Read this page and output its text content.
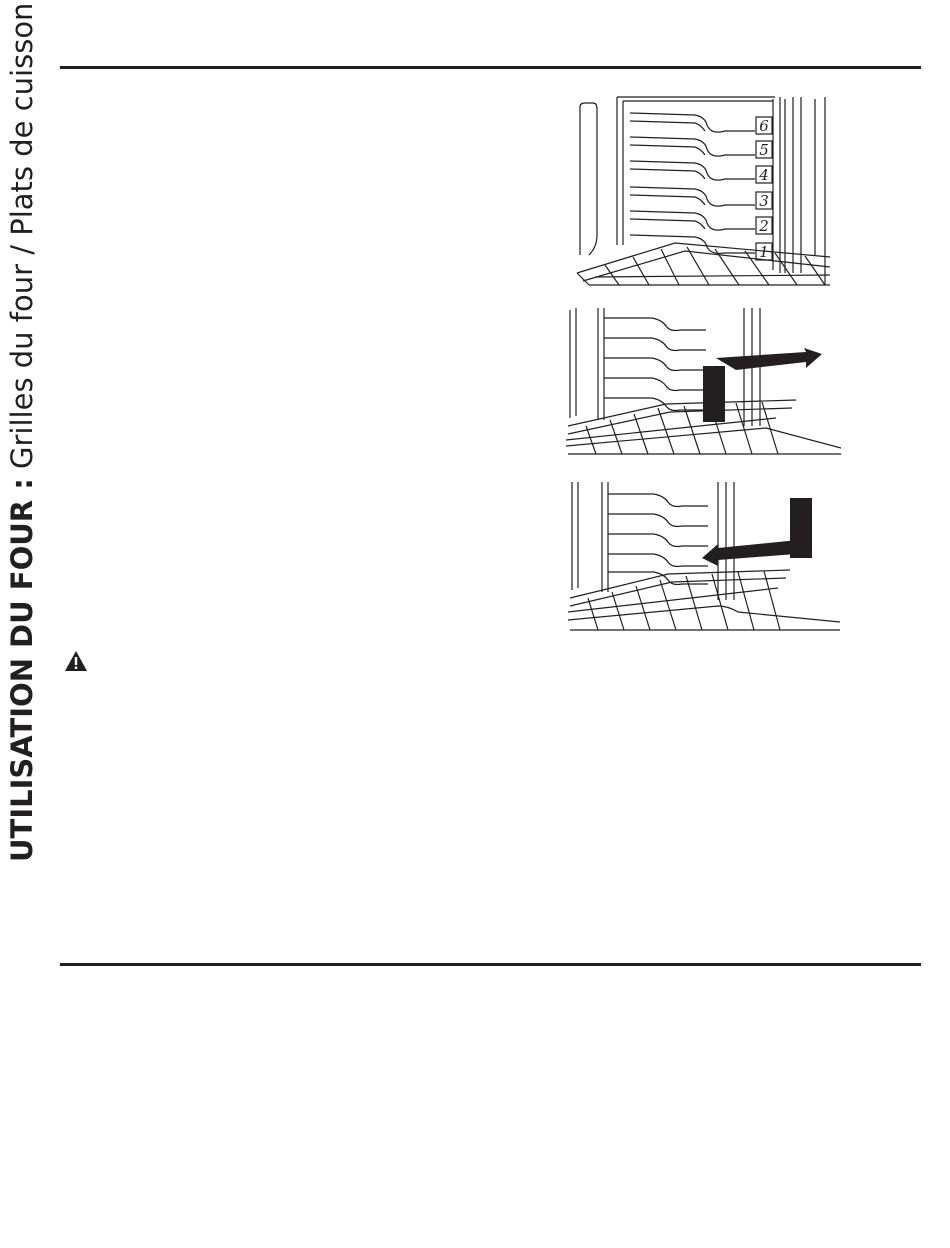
UTILISATION DU FOUR : Grilles du four / Plats de cuisson	6
5
4
3
2
1
